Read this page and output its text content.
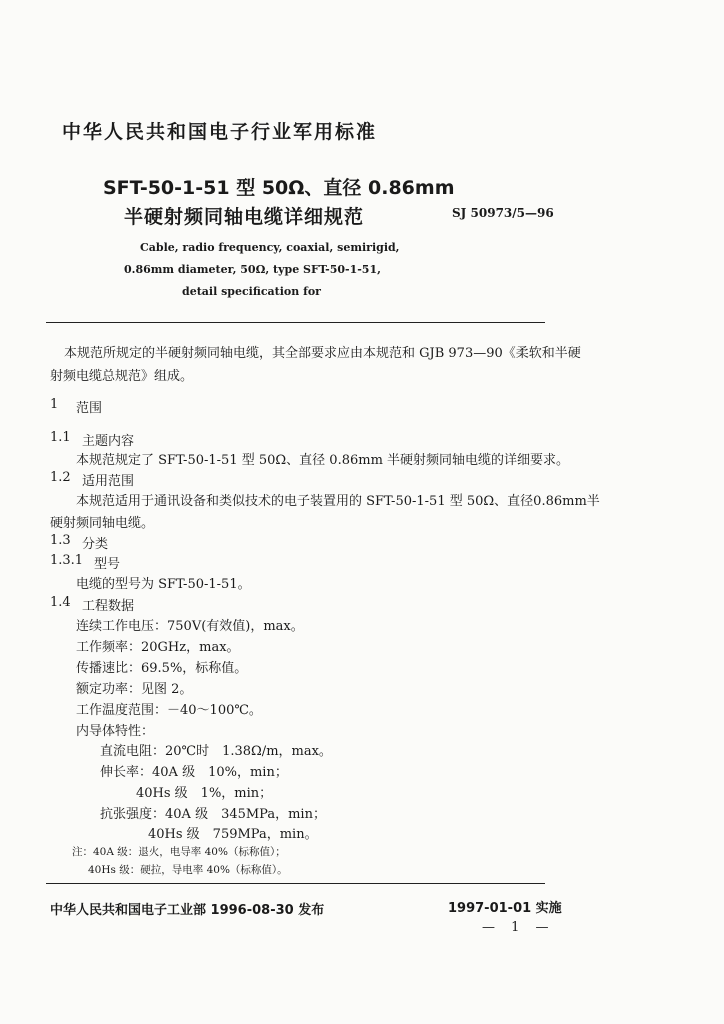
中华人民共和国电子行业军用标准
SFT-50-1-51 型 50Ω、直径 0.86mm
半硬射频同轴电缆详细规范	SJ 50973/5—96
Cable, radio frequency, coaxial, semirigid,
0.86mm diameter, 50Ω, type SFT-50-1-51,
detail specification for
本规范所规定的半硬射频同轴电缆，其全部要求应由本规范和 GJB 973—90《柔软和半硬
射频电缆总规范》组成。
1 范围
1.1 主题内容
本规范规定了 SFT-50-1-51 型 50Ω、直径 0.86mm 半硬射频同轴电缆的详细要求。
1.2 适用范围
本规范适用于通讯设备和类似技术的电子装置用的 SFT-50-1-51 型 50Ω、直径0.86mm半
硬射频同轴电缆。
1.3 分类
1.3.1 型号
电缆的型号为 SFT-50-1-51。
1.4 工程数据
连续工作电压：750V(有效值)，max。
工作频率：20GHz，max。
传播速比：69.5%，标称值。
额定功率：见图 2。
工作温度范围：－40～100℃。
内导体特性：
直流电阻：20℃时　1.38Ω/m，max。
伸长率：40A 级　10%，min；
40Hs 级　1%，min；
抗张强度：40A 级　345MPa，min；
40Hs 级　759MPa，min。
注：40A 级：退火，电导率 40%（标称值）；
40Hs 级：硬拉，导电率 40%（标称值）。
中华人民共和国电子工业部 1996-08-30 发布	1997-01-01 实施
— 1 —
